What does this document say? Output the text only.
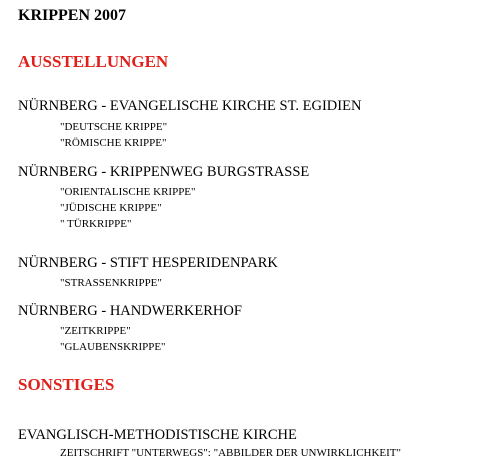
KRIPPEN 2007
AUSSTELLUNGEN
NÜRNBERG - EVANGELISCHE KIRCHE ST. EGIDIEN
"DEUTSCHE KRIPPE"
"RÖMISCHE KRIPPE"
NÜRNBERG - KRIPPENWEG BURGSTRASSE
"ORIENTALISCHE KRIPPE"
"JÜDISCHE KRIPPE"
" TÜRKRIPPE"
NÜRNBERG - STIFT HESPERIDENPARK
"STRASSENKRIPPE"
NÜRNBERG - HANDWERKERHOF
"ZEITKRIPPE"
"GLAUBENSKRIPPE"
SONSTIGES
EVANGLISCH-METHODISTISCHE KIRCHE
ZEITSCHRIFT "UNTERWEGS": "ABBILDER DER UNWIRKLICHKEIT"
